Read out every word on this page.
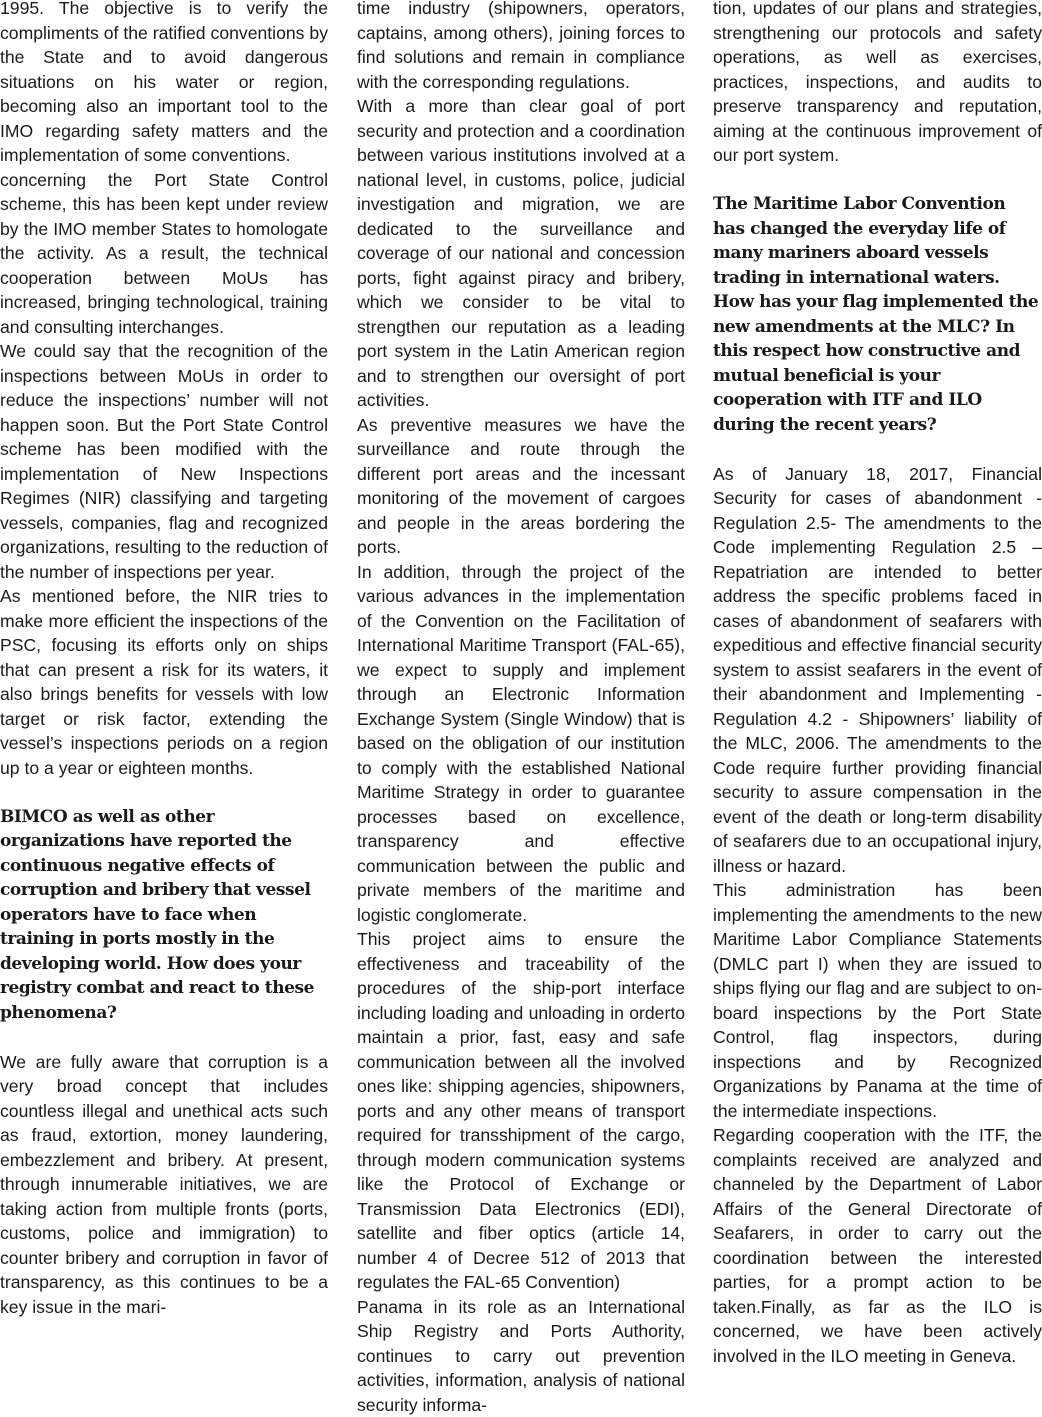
1995. The objective is to verify the compliments of the ratified conventions by the State and to avoid dangerous situations on his water or region, becoming also an important tool to the IMO regarding safety matters and the implementation of some conventions.

concerning the Port State Control scheme, this has been kept under review by the IMO member States to homologate the activity. As a result, the technical cooperation between MoUs has increased, bringing technological, training and consulting interchanges.

We could say that the recognition of the inspections between MoUs in order to reduce the inspections’ number will not happen soon. But the Port State Control scheme has been modified with the implementation of New Inspections Regimes (NIR) classifying and targeting vessels, companies, flag and recognized organizations, resulting to the reduction of the number of inspections per year.

As mentioned before, the NIR tries to make more efficient the inspections of the PSC, focusing its efforts only on ships that can present a risk for its waters, it also brings benefits for vessels with low target or risk factor, extending the vessel’s inspections periods on a region up to a year or eighteen months.

BIMCO as well as other organizations have reported the continuous negative effects of corruption and bribery that vessel operators have to face when training in ports mostly in the developing world. How does your registry combat and react to these phenomena?

We are fully aware that corruption is a very broad concept that includes countless illegal and unethical acts such as fraud, extortion, money laundering, embezzlement and bribery. At present, through innumerable initiatives, we are taking action from multiple fronts (ports, customs, police and immigration) to counter bribery and corruption in favor of transparency, as this continues to be a key issue in the mari-

time industry (shipowners, operators, captains, among others), joining forces to find solutions and remain in compliance with the corresponding regulations.

With a more than clear goal of port security and protection and a coordination between various institutions involved at a national level, in customs, police, judicial investigation and migration, we are dedicated to the surveillance and coverage of our national and concession ports, fight against piracy and bribery, which we consider to be vital to strengthen our reputation as a leading port system in the Latin American region and to strengthen our oversight of port activities.

As preventive measures we have the surveillance and route through the different port areas and the incessant monitoring of the movement of cargoes and people in the areas bordering the ports.

In addition, through the project of the various advances in the implementation of the Convention on the Facilitation of International Maritime Transport (FAL-65), we expect to supply and implement through an Electronic Information Exchange System (Single Window) that is based on the obligation of our institution to comply with the established National Maritime Strategy in order to guarantee processes based on excellence, transparency and effective communication between the public and private members of the maritime and logistic conglomerate.

This project aims to ensure the effectiveness and traceability of the procedures of the ship-port interface including loading and unloading in orderto maintain a prior, fast, easy and safe communication between all the involved ones like: shipping agencies, shipowners, ports and any other means of transport required for transshipment of the cargo, through modern communication systems like the Protocol of Exchange or Transmission Data Electronics (EDI), satellite and fiber optics (article 14, number 4 of Decree 512 of 2013 that regulates the FAL-65 Convention)

Panama in its role as an International Ship Registry and Ports Authority, continues to carry out prevention activities, information, analysis of national security informa-

tion, updates of our plans and strategies, strengthening our protocols and safety operations, as well as exercises, practices, inspections, and audits to preserve transparency and reputation, aiming at the continuous improvement of our port system.

The Maritime Labor Convention has changed the everyday life of many mariners aboard vessels trading in international waters. How has your flag implemented the new amendments at the MLC? In this respect how constructive and mutual beneficial is your cooperation with ITF and ILO during the recent years?

As of January 18, 2017, Financial Security for cases of abandonment -Regulation 2.5- The amendments to the Code implementing Regulation 2.5 – Repatriation are intended to better address the specific problems faced in cases of abandonment of seafarers with expeditious and effective financial security system to assist seafarers in the event of their abandonment and Implementing -Regulation 4.2 - Shipowners’ liability of the MLC, 2006. The amendments to the Code require further providing financial security to assure compensation in the event of the death or long-term disability of seafarers due to an occupational injury, illness or hazard.

This administration has been implementing the amendments to the new Maritime Labor Compliance Statements (DMLC part I) when they are issued to ships flying our flag and are subject to on-board inspections by the Port State Control, flag inspectors, during inspections and by Recognized Organizations by Panama at the time of the intermediate inspections.

Regarding cooperation with the ITF, the complaints received are analyzed and channeled by the Department of Labor Affairs of the General Directorate of Seafarers, in order to carry out the coordination between the interested parties, for a prompt action to be taken.Finally, as far as the ILO is concerned, we have been actively involved in the ILO meeting in Geneva.
